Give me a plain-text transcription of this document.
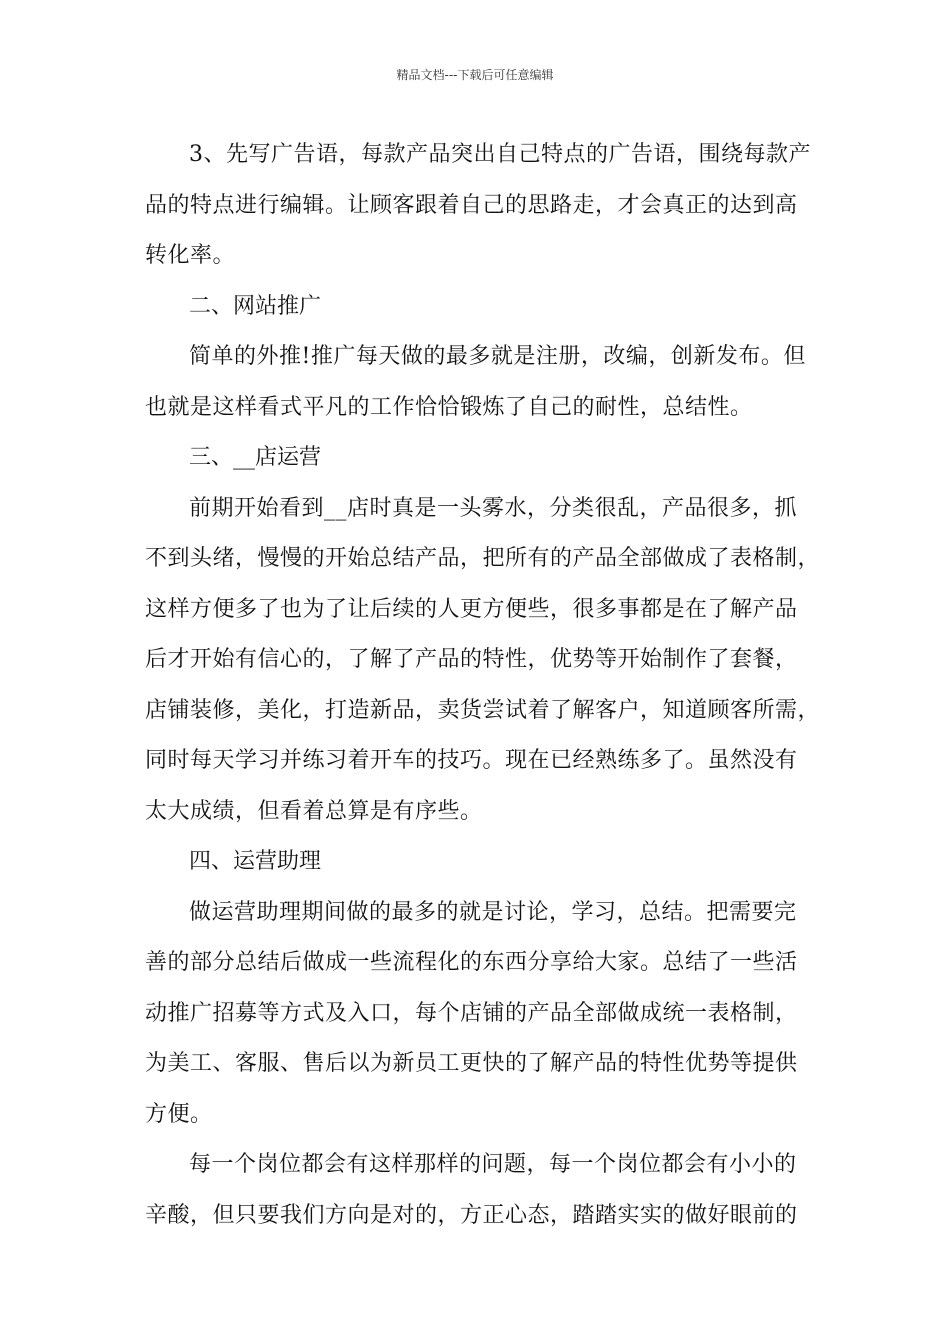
精品文档---下载后可任意编辑

3、先写广告语，每款产品突出自己特点的广告语，围绕每款产
品的特点进行编辑。让顾客跟着自己的思路走，才会真正的达到高
转化率。

二、网站推广

简单的外推!推广每天做的最多就是注册，改编，创新发布。但
也就是这样看式平凡的工作恰恰锻炼了自己的耐性，总结性。

三、__店运营

前期开始看到__店时真是一头雾水，分类很乱，产品很多，抓
不到头绪，慢慢的开始总结产品，把所有的产品全部做成了表格制，
这样方便多了也为了让后续的人更方便些，很多事都是在了解产品
后才开始有信心的，了解了产品的特性，优势等开始制作了套餐，
店铺装修，美化，打造新品，卖货尝试着了解客户，知道顾客所需，
同时每天学习并练习着开车的技巧。现在已经熟练多了。虽然没有
太大成绩，但看着总算是有序些。

四、运营助理

做运营助理期间做的最多的就是讨论，学习，总结。把需要完
善的部分总结后做成一些流程化的东西分享给大家。总结了一些活
动推广招募等方式及入口，每个店铺的产品全部做成统一表格制，
为美工、客服、售后以为新员工更快的了解产品的特性优势等提供
方便。

每一个岗位都会有这样那样的问题，每一个岗位都会有小小的
辛酸，但只要我们方向是对的，方正心态，踏踏实实的做好眼前的
